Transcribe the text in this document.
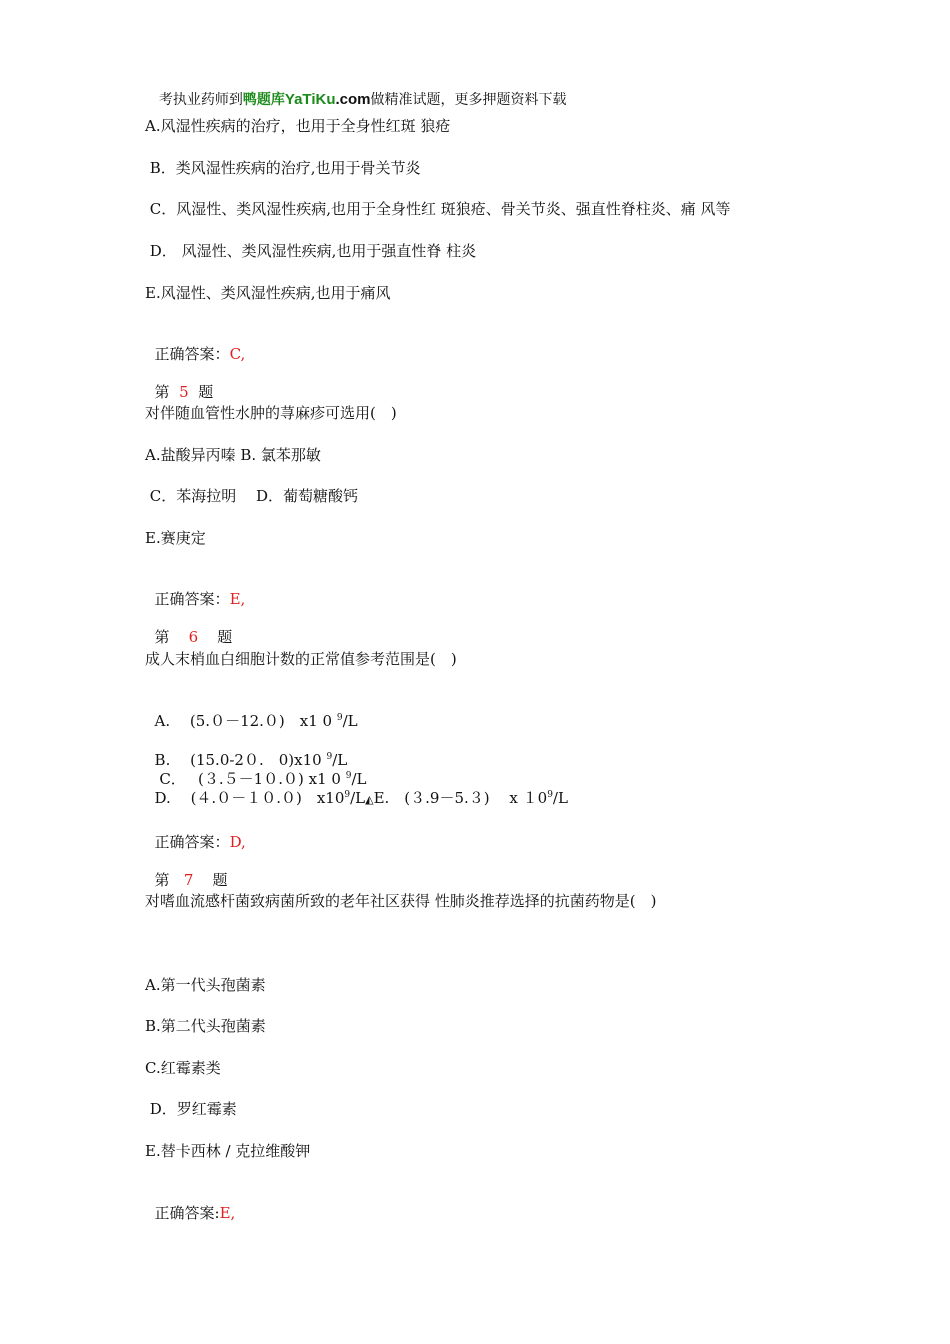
考执业药师到鸭题库YaTiKu.com做精准试题，更多押题资料下载

A.风湿性疾病的治疗，也用于全身性红斑 狼疮
B．类风湿性疾病的治疗,也用于骨关节炎
C．风湿性、类风湿性疾病,也用于全身性红 斑狼疮、骨关节炎、强直性脊柱炎、痛 风等
D． 风湿性、类风湿性疾病,也用于强直性脊 柱炎
E.风湿性、类风湿性疾病,也用于痛风

正确答案：C,

第 5 题

对伴随血管性水肿的荨麻疹可选用(　)
A.盐酸异丙嗪 B. 氯苯那敏
C．苯海拉明　 D．葡萄糖酸钙
E.赛庚定

正确答案：E,

第 6 题

成人末梢血白细胞计数的正常值参考范围是(　)

A.　 (5.０－12.０)　x1 0 $^9$/L

B.　 (15.0-2０.　0)x10 $^9$/L

C．　 (３.５－1０.０) x1 0 $^9$/L

D.　 (４.０－１０.０)　$x10^9/L◭E$.　(３.9－5.３)　 x $10^9/L$

正确答案：D,

第 7 题

对嗜血流感杆菌致病菌所致的老年社区获得 性肺炎推荐选择的抗菌药物是(　)
A.第一代头孢菌素
B.第二代头孢菌素
C.红霉素类
D．罗红霉素
E.替卡西林 / 克拉维酸钾

正确答案:E,
